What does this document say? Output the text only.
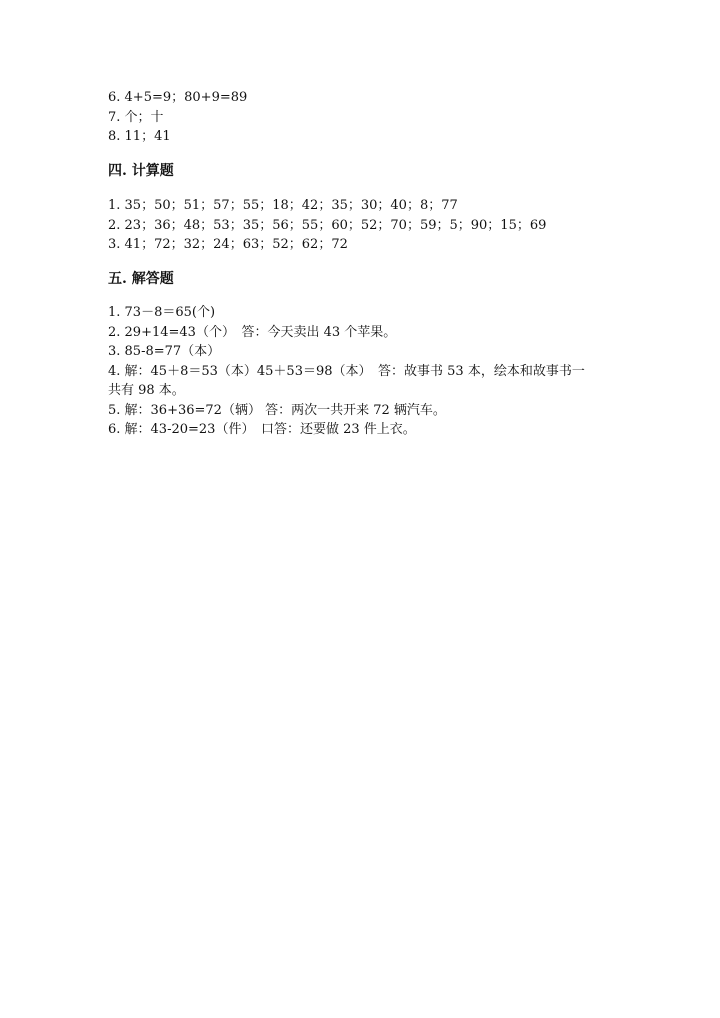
6. 4+5=9；80+9=89
7. 个；十
8. 11；41
四. 计算题
1. 35；50；51；57；55；18；42；35；30；40；8；77
2. 23；36；48；53；35；56；55；60；52；70；59；5；90；15；69
3. 41；72；32；24；63；52；62；72
五. 解答题
1. 73－8＝65(个)
2. 29+14=43（个）　答：今天卖出 43 个苹果。
3. 85-8=77（本）
4. 解：45＋8＝53（本）45＋53＝98（本）　答：故事书 53 本，绘本和故事书一
共有 98 本。
5. 解：36+36=72（辆） 答：两次一共开来 72 辆汽车。
6. 解：43-20=23（件）　口答：还要做 23 件上衣。
